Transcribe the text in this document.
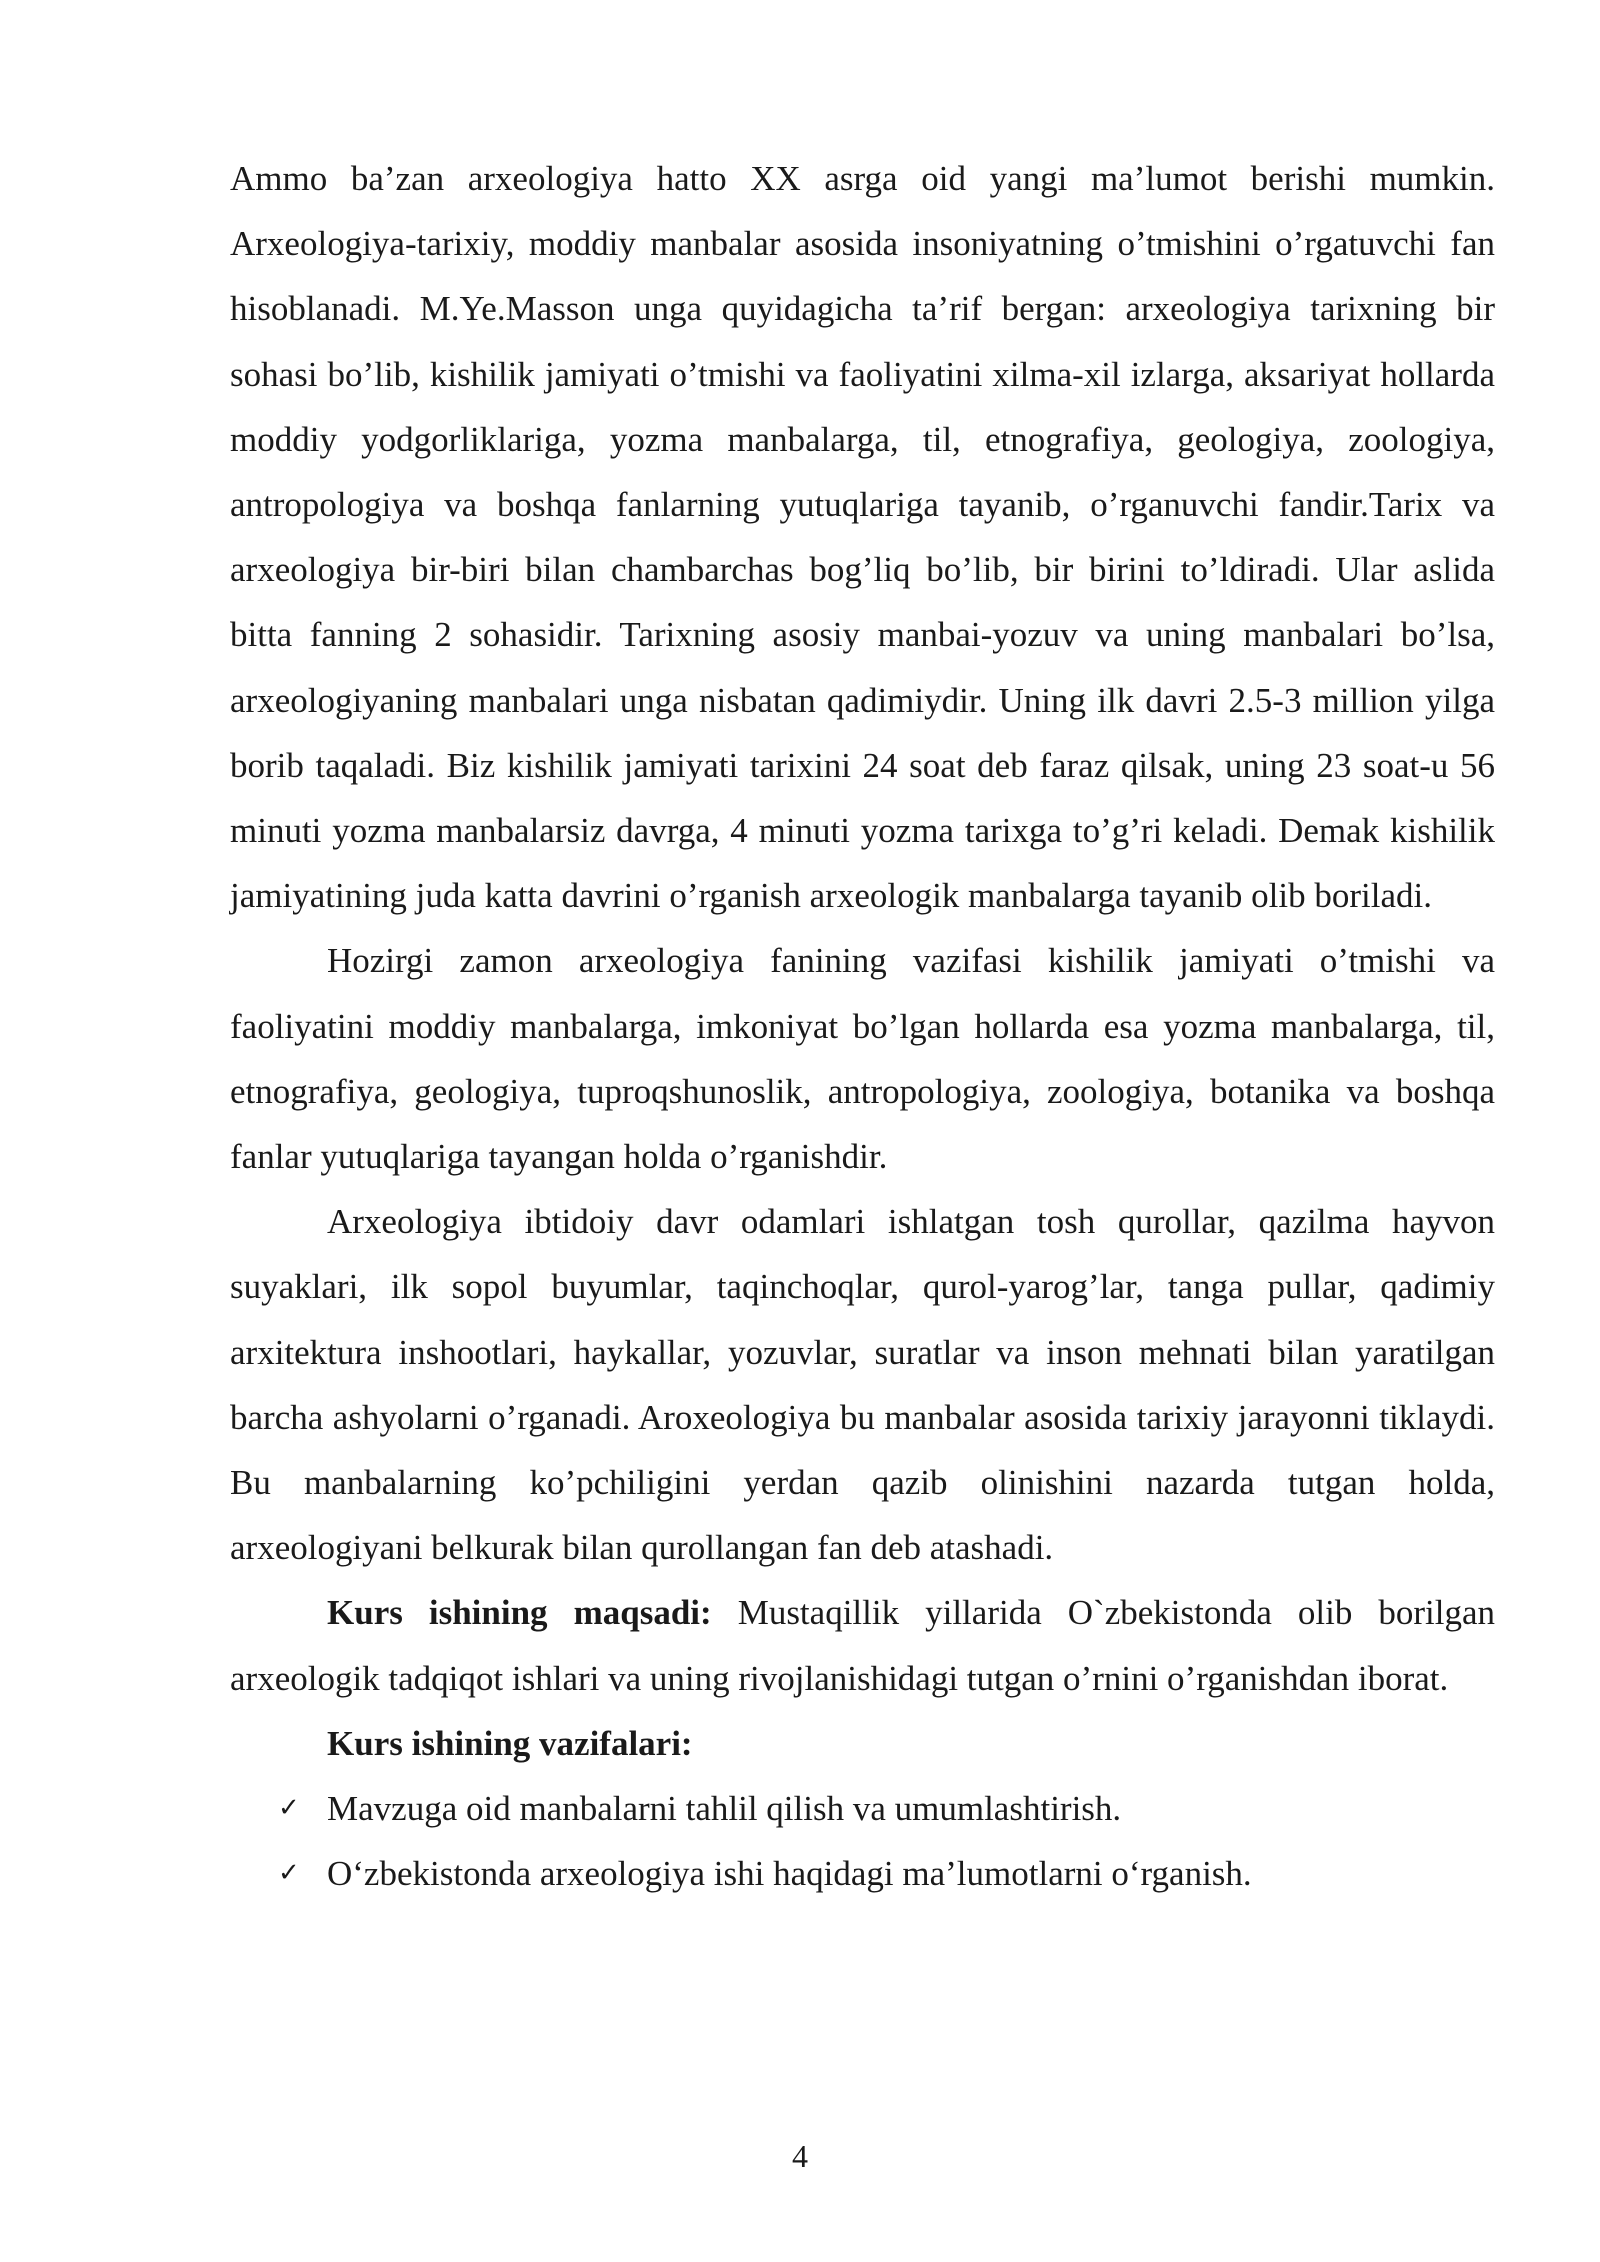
Ammo ba’zan arxeologiya hatto XX asrga oid yangi ma’lumot berishi mumkin. Arxeologiya-tarixiy, moddiy manbalar asosida insoniyatning o’tmishini o’rgatuvchi fan hisoblanadi. M.Ye.Masson unga quyidagicha ta’rif bergan: arxeologiya tarixning bir sohasi bo’lib, kishilik jamiyati o’tmishi va faoliyatini xilma-xil izlarga, aksariyat hollarda moddiy yodgorliklariga, yozma manbalarga, til, etnografiya, geologiya, zoologiya, antropologiya va boshqa fanlarning yutuqlariga tayanib, o’rganuvchi fandir.Tarix va arxeologiya bir-biri bilan chambarchas bog’liq bo’lib, bir birini to’ldiradi. Ular aslida bitta fanning 2 sohasidir. Tarixning asosiy manbai-yozuv va uning manbalari bo’lsa, arxeologiyaning manbalari unga nisbatan qadimiydir. Uning ilk davri 2.5-3 million yilga borib taqaladi. Biz kishilik jamiyati tarixini 24 soat deb faraz qilsak, uning 23 soat-u 56 minuti yozma manbalarsiz davrga, 4 minuti yozma tarixga to’g’ri keladi. Demak kishilik jamiyatining juda katta davrini o’rganish arxeologik manbalarga tayanib olib boriladi.

Hozirgi zamon arxeologiya fanining vazifasi kishilik jamiyati o’tmishi va faoliyatini moddiy manbalarga, imkoniyat bo’lgan hollarda esa yozma manbalarga, til, etnografiya, geologiya, tuproqshunoslik, antropologiya, zoologiya, botanika va boshqa fanlar yutuqlariga tayangan holda o’rganishdir.

Arxeologiya ibtidoiy davr odamlari ishlatgan tosh qurollar, qazilma hayvon suyaklari, ilk sopol buyumlar, taqinchoqlar, qurol-yarog’lar, tanga pullar, qadimiy arxitektura inshootlari, haykallar, yozuvlar, suratlar va inson mehnati bilan yaratilgan barcha ashyolarni o’rganadi. Aroxeologiya bu manbalar asosida tarixiy jarayonni tiklaydi. Bu manbalarning ko’pchiligini yerdan qazib olinishini nazarda tutgan holda, arxeologiyani belkurak bilan qurollangan fan deb atashadi.

Kurs ishining maqsadi: Mustaqillik yillarida O`zbekistonda olib borilgan arxeologik tadqiqot ishlari va uning rivojlanishidagi tutgan o’rnini o’rganishdan iborat.

Kurs ishining vazifalari:

✓ Mavzuga oid manbalarni tahlil qilish va umumlashtirish.
✓ O‘zbekistonda arxeologiya ishi haqidagi ma’lumotlarni o‘rganish.
4
